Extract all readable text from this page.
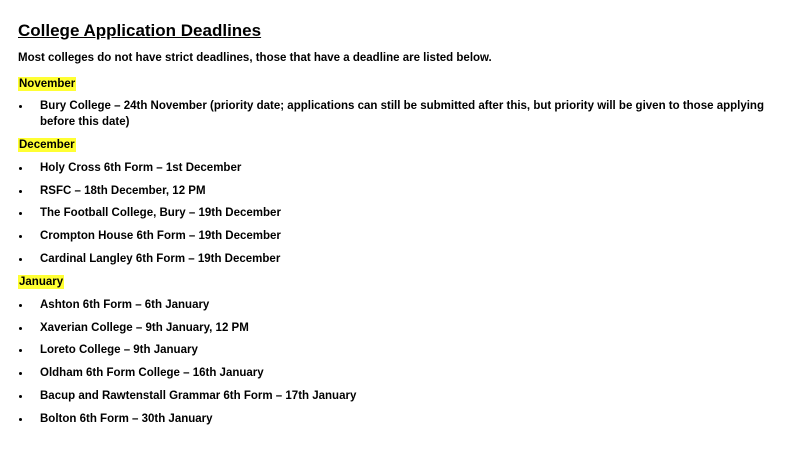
College Application Deadlines
Most colleges do not have strict deadlines, those that have a deadline are listed below.
November
Bury College – 24th November (priority date; applications can still be submitted after this, but priority will be given to those applying before this date)
December
Holy Cross 6th Form – 1st December
RSFC – 18th December, 12 PM
The Football College, Bury – 19th December
Crompton House 6th Form – 19th December
Cardinal Langley 6th Form – 19th December
January
Ashton 6th Form – 6th January
Xaverian College – 9th January, 12 PM
Loreto College – 9th January
Oldham 6th Form College – 16th January
Bacup and Rawtenstall Grammar 6th Form – 17th January
Bolton 6th Form – 30th January
